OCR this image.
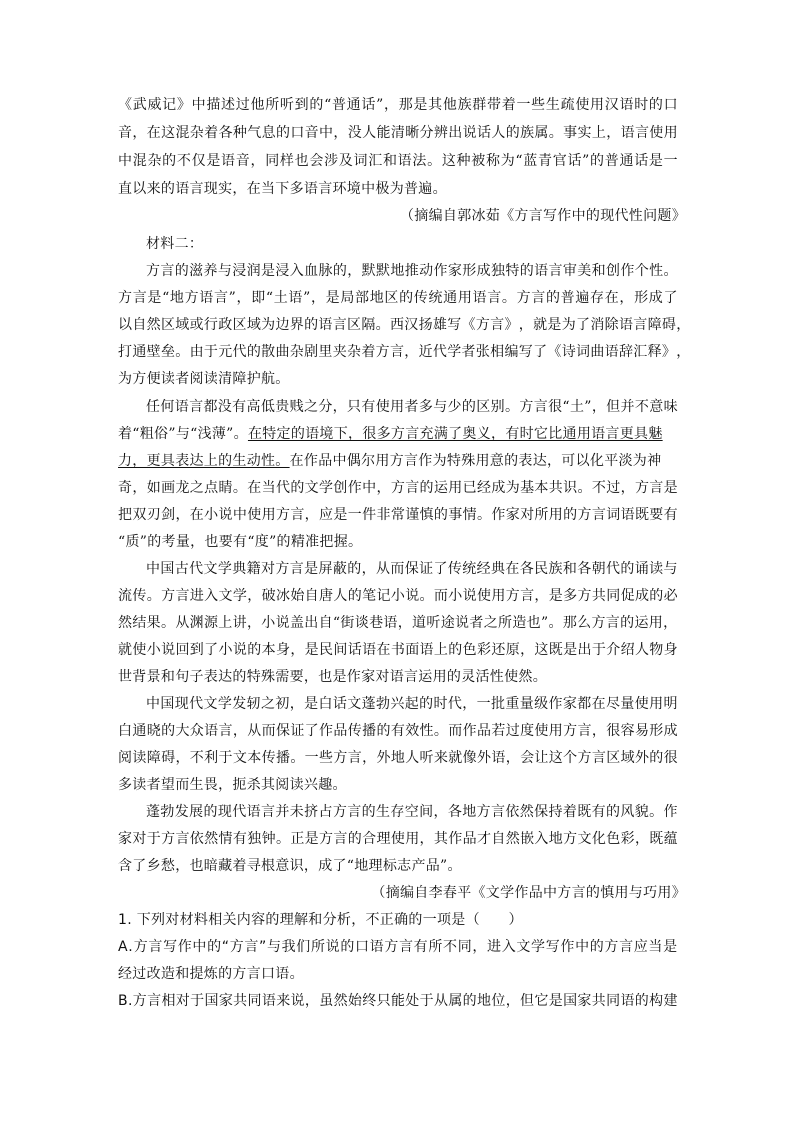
《 武 威 记 》 中 描 述 过 他 所 听 到 的 “ 普 通 话 ” ， 那 是 其 他 族 群 带 着 一 些 生 疏 使 用 汉 语 时 的 口
音 ， 在 这 混 杂 着 各 种 气 息 的 口 音 中 ， 没 人 能 清 晰 分 辨 出 说 话 人 的 族 属 。 事 实 上 ， 语 言 使 用
中 混 杂 的 不 仅 是 语 音 ， 同 样 也 会 涉 及 词 汇 和 语 法 。 这 种 被 称 为 “ 蓝 青 官 话 ” 的 普 通 话 是 一
直以来的语言现实，在当下多语言环境中极为普遍。
（摘编自郭冰茹《方言写作中的现代性问题》
材料二：
方 言 的 滋 养 与 浸 润 是 浸 入 血 脉 的 ， 默 默 地 推 动 作 家 形 成 独 特 的 语 言 审 美 和 创 作 个 性 。
方 言 是 “ 地 方 语 言 ” ， 即 “ 土 语 ” ， 是 局 部 地 区 的 传 统 通 用 语 言 。 方 言 的 普 遍 存 在 ， 形 成 了
以 自 然 区 域 或 行 政 区 域 为 边 界 的 语 言 区 隔 。 西 汉 扬 雄 写 《 方 言 》 ， 就 是 为 了 消 除 语 言 障 碍 ，
打 通 壁 垒 。 由 于 元 代 的 散 曲 杂 剧 里 夹 杂 着 方 言 ， 近 代 学 者 张 相 编 写 了 《 诗 词 曲 语 辞 汇 释 》 ，
为方便读者阅读清障护航。
任 何 语 言 都 没 有 高 低 贵 贱 之 分 ， 只 有 使 用 者 多 与 少 的 区 别 。 方 言 很 “ 土 ” ， 但 并 不 意 味
着“粗俗”与“浅薄”。 在特定的语境下，很多方言充满了奥义，有时它比通用语言更具魅
力，更具表达上的生动性。 在作品中偶尔用方言作为特殊用意的表达，可以化平淡为神
奇 ， 如 画 龙 之 点 睛 。 在 当 代 的 文 学 创 作 中 ， 方 言 的 运 用 已 经 成 为 基 本 共 识 。 不 过 ， 方 言 是
把 双 刃 剑 ， 在 小 说 中 使 用 方 言 ， 应 是 一 件 非 常 谨 慎 的 事 情 。 作 家 对 所 用 的 方 言 词 语 既 要 有
“质”的考量，也要有“度”的精准把握。
中 国 古 代 文 学 典 籍 对 方 言 是 屏 蔽 的 ， 从 而 保 证 了 传 统 经 典 在 各 民 族 和 各 朝 代 的 诵 读 与
流 传 。 方 言 进 入 文 学 ， 破 冰 始 自 唐 人 的 笔 记 小 说 。 而 小 说 使 用 方 言 ， 是 多 方 共 同 促 成 的 必
然 结 果 。 从 渊 源 上 讲 ， 小 说 盖 出 自 “ 街 谈 巷 语 ， 道 听 途 说 者 之 所 造 也 ” 。 那 么 方 言 的 运 用 ，
就 使 小 说 回 到 了 小 说 的 本 身 ， 是 民 间 话 语 在 书 面 语 上 的 色 彩 还 原 ， 这 既 是 出 于 介 绍 人 物 身
世背景和句子表达的特殊需要，也是作家对语言运用的灵活性使然。
中 国 现 代 文 学 发 轫 之 初 ， 是 白 话 文 蓬 勃 兴 起 的 时 代 ， 一 批 重 量 级 作 家 都 在 尽 量 使 用 明
白 通 晓 的 大 众 语 言 ， 从 而 保 证 了 作 品 传 播 的 有 效 性 。 而 作 品 若 过 度 使 用 方 言 ， 很 容 易 形 成
阅 读 障 碍 ， 不 利 于 文 本 传 播 。 一 些 方 言 ， 外 地 人 听 来 就 像 外 语 ， 会 让 这 个 方 言 区 域 外 的 很
多读者望而生畏，扼杀其阅读兴趣。
蓬 勃 发 展 的 现 代 语 言 并 未 挤 占 方 言 的 生 存 空 间 ， 各 地 方 言 依 然 保 持 着 既 有 的 风 貌 。 作
家 对 于 方 言 依 然 情 有 独 钟 。 正 是 方 言 的 合 理 使 用 ， 其 作 品 才 自 然 嵌 入 地 方 文 化 色 彩 ， 既 蕴
含了乡愁，也暗藏着寻根意识，成了“地理标志产品”。
（摘编自李春平《文学作品中方言的慎用与巧用》
1. 下列对材料相关内容的理解和分析，不正确的一项是（　　）
A . 方 言 写 作 中 的 “ 方 言 ” 与 我 们 所 说 的 口 语 方 言 有 所 不 同 ， 进 入 文 学 写 作 中 的 方 言 应 当 是
经过改造和提炼的方言口语。
B . 方 言 相 对 于 国 家 共 同 语 来 说 ， 虽 然 始 终 只 能 处 于 从 属 的 地 位 ， 但 它 是 国 家 共 同 语 的 构 建
